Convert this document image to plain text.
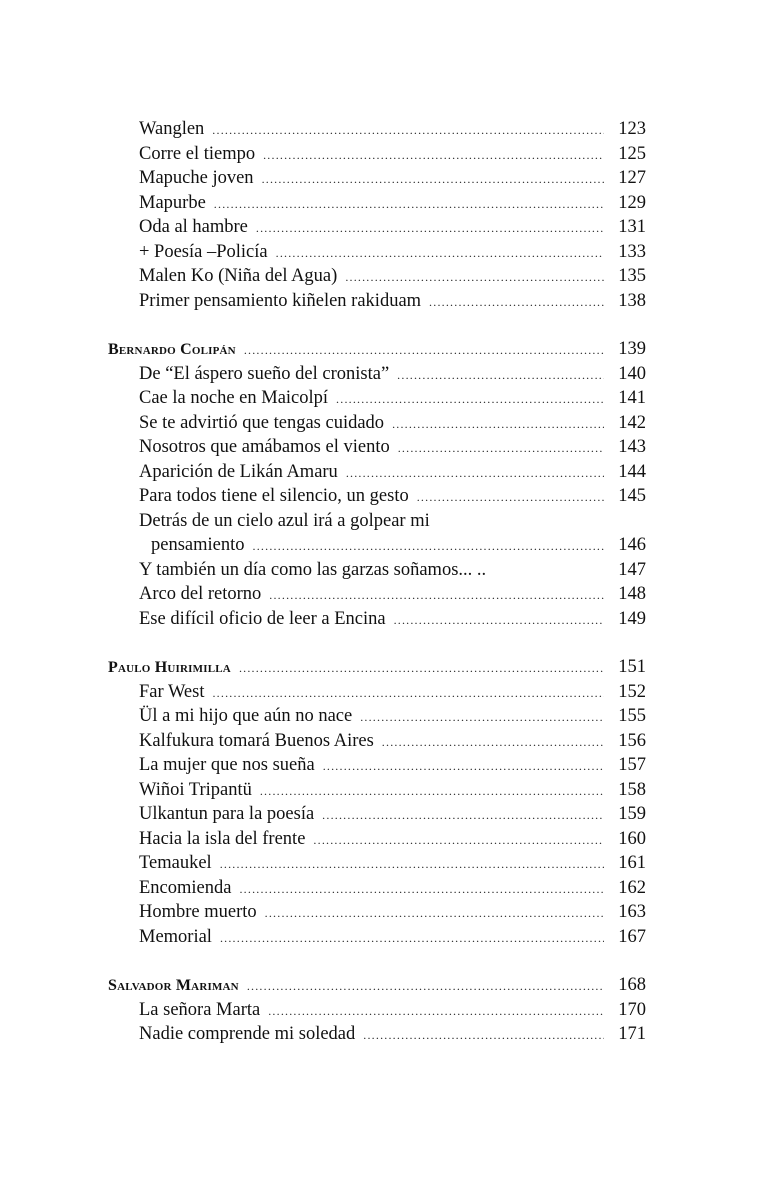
Wanglen .....	123
Corre el tiempo .....	125
Mapuche joven .....	127
Mapurbe .....	129
Oda al hambre .....	131
+ Poesía –Policía .....	133
Malen Ko (Niña del Agua) .....	135
Primer pensamiento kiñelen rakiduam .....	138
Bernardo Colipán .....	139
De “El áspero sueño del cronista” .....	140
Cae la noche en Maicolpí .....	141
Se te advirtió que tengas cuidado .....	142
Nosotros que amábamos el viento .....	143
Aparición de Likán Amaru .....	144
Para todos tiene el silencio, un gesto .....	145
Detrás de un cielo azul irá a golpear mi
pensamiento .....	146
Y también un día como las garzas soñamos... ..	147
Arco del retorno .....	148
Ese difícil oficio de leer a Encina .....	149
Paulo Huirimilla .....	151
Far West .....	152
Ül a mi hijo que aún no nace .....	155
Kalfukura tomará Buenos Aires .....	156
La mujer que nos sueña .....	157
Wiñoi Tripantü .....	158
Ulkantun para la poesía .....	159
Hacia la isla del frente .....	160
Temaukel .....	161
Encomienda .....	162
Hombre muerto .....	163
Memorial .....	167
Salvador Mariman .....	168
La señora Marta .....	170
Nadie comprende mi soledad .....	171
